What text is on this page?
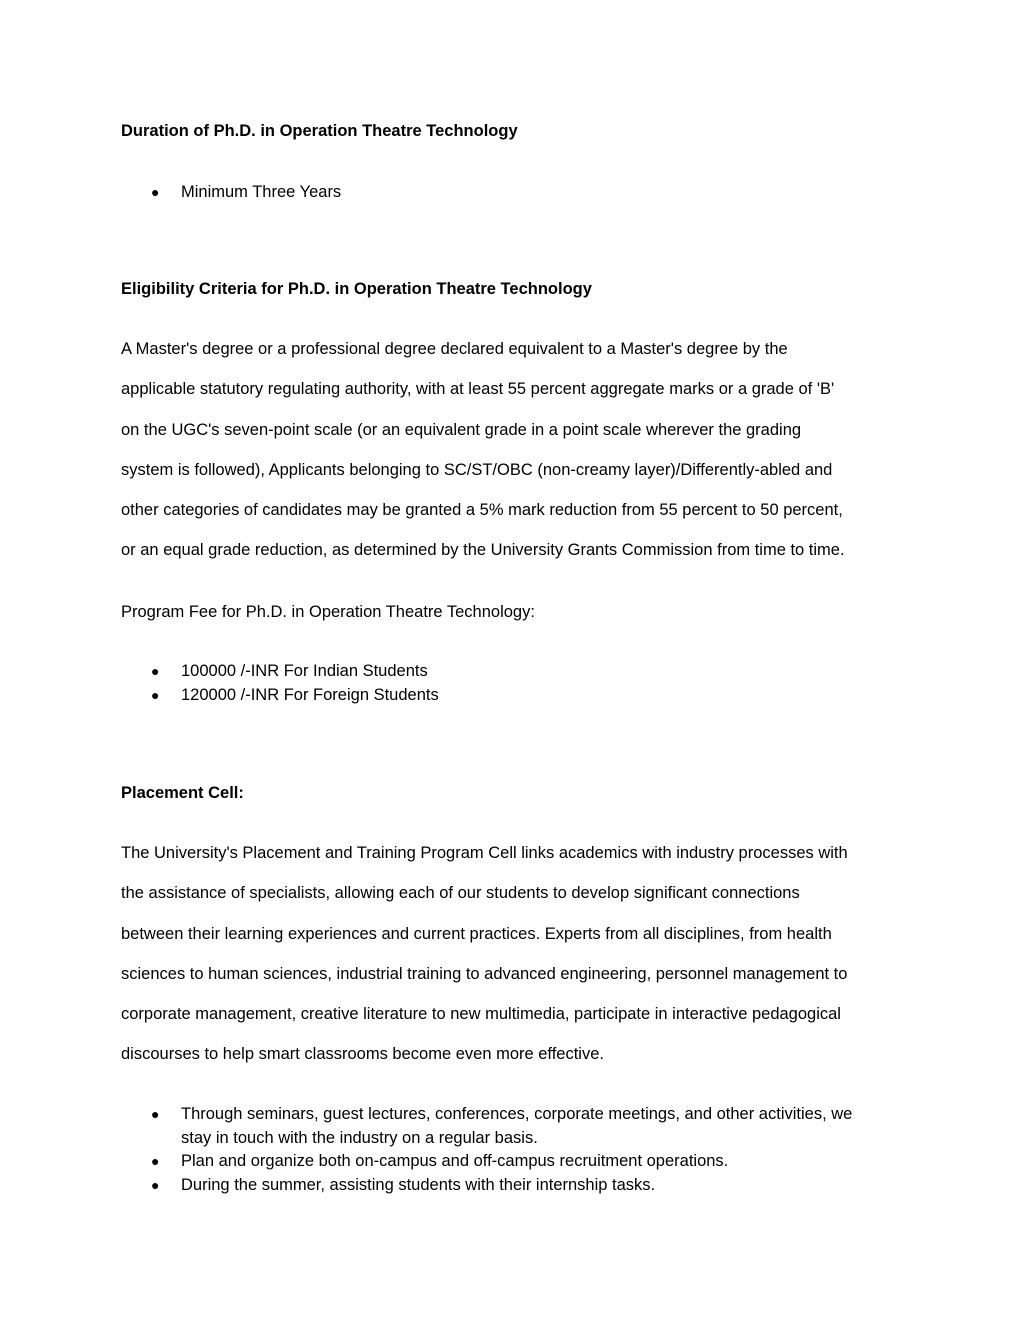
Duration of Ph.D. in Operation Theatre Technology
● Minimum Three Years
Eligibility Criteria for Ph.D. in Operation Theatre Technology
A Master's degree or a professional degree declared equivalent to a Master's degree by the
applicable statutory regulating authority, with at least 55 percent aggregate marks or a grade of 'B'
on the UGC's seven-point scale (or an equivalent grade in a point scale wherever the grading
system is followed), Applicants belonging to SC/ST/OBC (non-creamy layer)/Differently-abled and
other categories of candidates may be granted a 5% mark reduction from 55 percent to 50 percent,
or an equal grade reduction, as determined by the University Grants Commission from time to time.

Program Fee for Ph.D. in Operation Theatre Technology:

● 100000 /-INR For Indian Students
● 120000 /-INR For Foreign Students
Placement Cell:
The University's Placement and Training Program Cell links academics with industry processes with
the assistance of specialists, allowing each of our students to develop significant connections
between their learning experiences and current practices. Experts from all disciplines, from health
sciences to human sciences, industrial training to advanced engineering, personnel management to
corporate management, creative literature to new multimedia, participate in interactive pedagogical
discourses to help smart classrooms become even more effective.
● Through seminars, guest lectures, conferences, corporate meetings, and other activities, we
stay in touch with the industry on a regular basis.
● Plan and organize both on-campus and off-campus recruitment operations.
● During the summer, assisting students with their internship tasks.
